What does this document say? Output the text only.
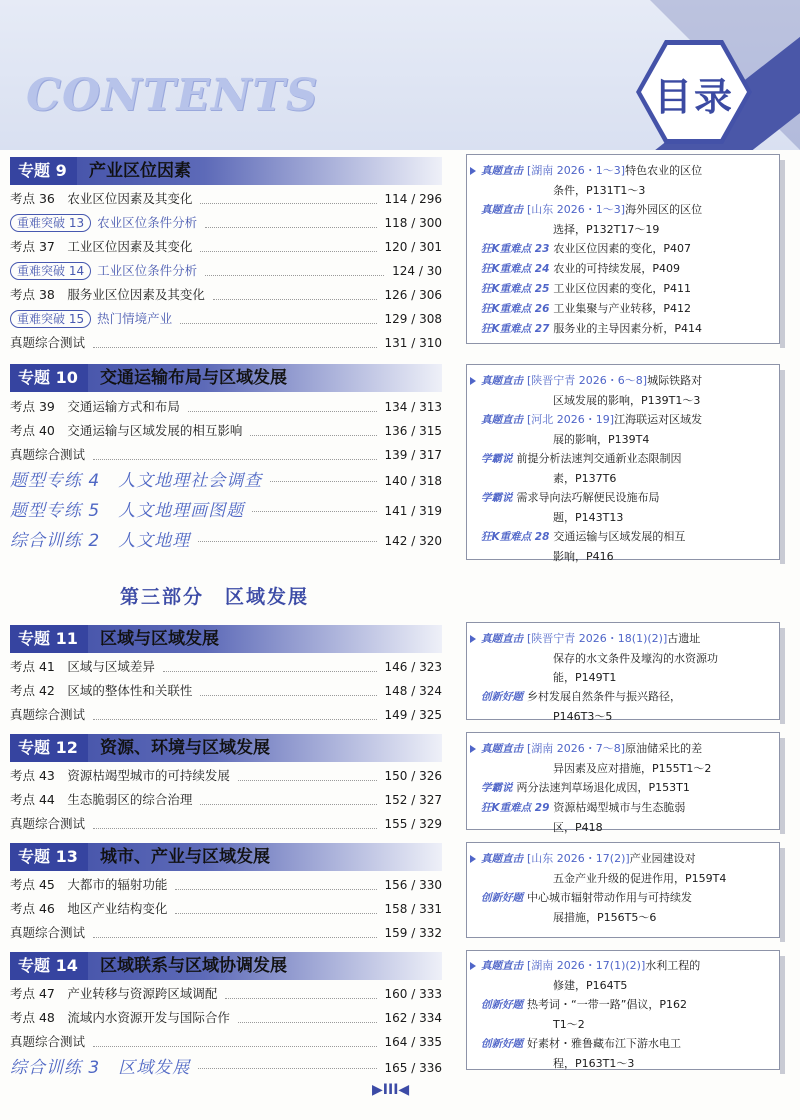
CONTENTS	目录
专题 9	产业区位因素
考点 36　农业区位因素及其变化	114 / 296
重难突破 13	农业区位条件分析	118 / 300
考点 37　工业区位因素及其变化	120 / 301
重难突破 14	工业区位条件分析	124 / 30
考点 38　服务业区位因素及其变化	126 / 306
重难突破 15	热门情境产业	129 / 308
真题综合测试	131 / 310
专题 10	交通运输布局与区域发展
考点 39　交通运输方式和布局	134 / 313
考点 40　交通运输与区域发展的相互影响	136 / 315
真题综合测试	139 / 317
题型专练 4　人文地理社会调查	140 / 318
题型专练 5　人文地理画图题	141 / 319
综合训练 2　人文地理	142 / 320
第三部分　区域发展
专题 11	区域与区域发展
考点 41　区域与区域差异	146 / 323
考点 42　区域的整体性和关联性	148 / 324
真题综合测试	149 / 325
专题 12	资源、环境与区域发展
考点 43　资源枯竭型城市的可持续发展	150 / 326
考点 44　生态脆弱区的综合治理	152 / 327
真题综合测试	155 / 329
专题 13	城市、产业与区域发展
考点 45　大都市的辐射功能	156 / 330
考点 46　地区产业结构变化	158 / 331
真题综合测试	159 / 332
专题 14	区域联系与区域协调发展
考点 47　产业转移与资源跨区域调配	160 / 333
考点 48　流域内水资源开发与国际合作	162 / 334
真题综合测试	164 / 335
综合训练 3　区域发展	165 / 336
▶III◀
真题直击 [湖南 2026・1～3]特色农业的区位
条件，P131T1～3
真题直击 [山东 2026・1～3]海外园区的区位
选择，P132T17～19
狂K重难点 23 农业区位因素的变化，P407
狂K重难点 24 农业的可持续发展，P409
狂K重难点 25 工业区位因素的变化，P411
狂K重难点 26 工业集聚与产业转移，P412
狂K重难点 27 服务业的主导因素分析，P414
真题直击 [陕晋宁青 2026・6～8]城际铁路对
区域发展的影响，P139T1～3
真题直击 [河北 2026・19]江海联运对区域发
展的影响，P139T4
学霸说 前提分析法速判交通新业态限制因
素，P137T6
学霸说 需求导向法巧解便民设施布局
题，P143T13
狂K重难点 28 交通运输与区域发展的相互
影响，P416
真题直击 [陕晋宁青 2026・18(1)(2)]古遗址
保存的水文条件及壕沟的水资源功
能，P149T1
创新好题 乡村发展自然条件与振兴路径，
P146T3～5
真题直击 [湖南 2026・7～8]原油储采比的差
异因素及应对措施，P155T1～2
学霸说 两分法速判草场退化成因，P153T1
狂K重难点 29 资源枯竭型城市与生态脆弱
区，P418
真题直击 [山东 2026・17(2)]产业园建设对
五金产业升级的促进作用，P159T4
创新好题 中心城市辐射带动作用与可持续发
展措施，P156T5～6
真题直击 [湖南 2026・17(1)(2)]水利工程的
修建，P164T5
创新好题 热考词・“一带一路”倡议，P162
T1～2
创新好题 好素材・雅鲁藏布江下游水电工
程，P163T1～3
